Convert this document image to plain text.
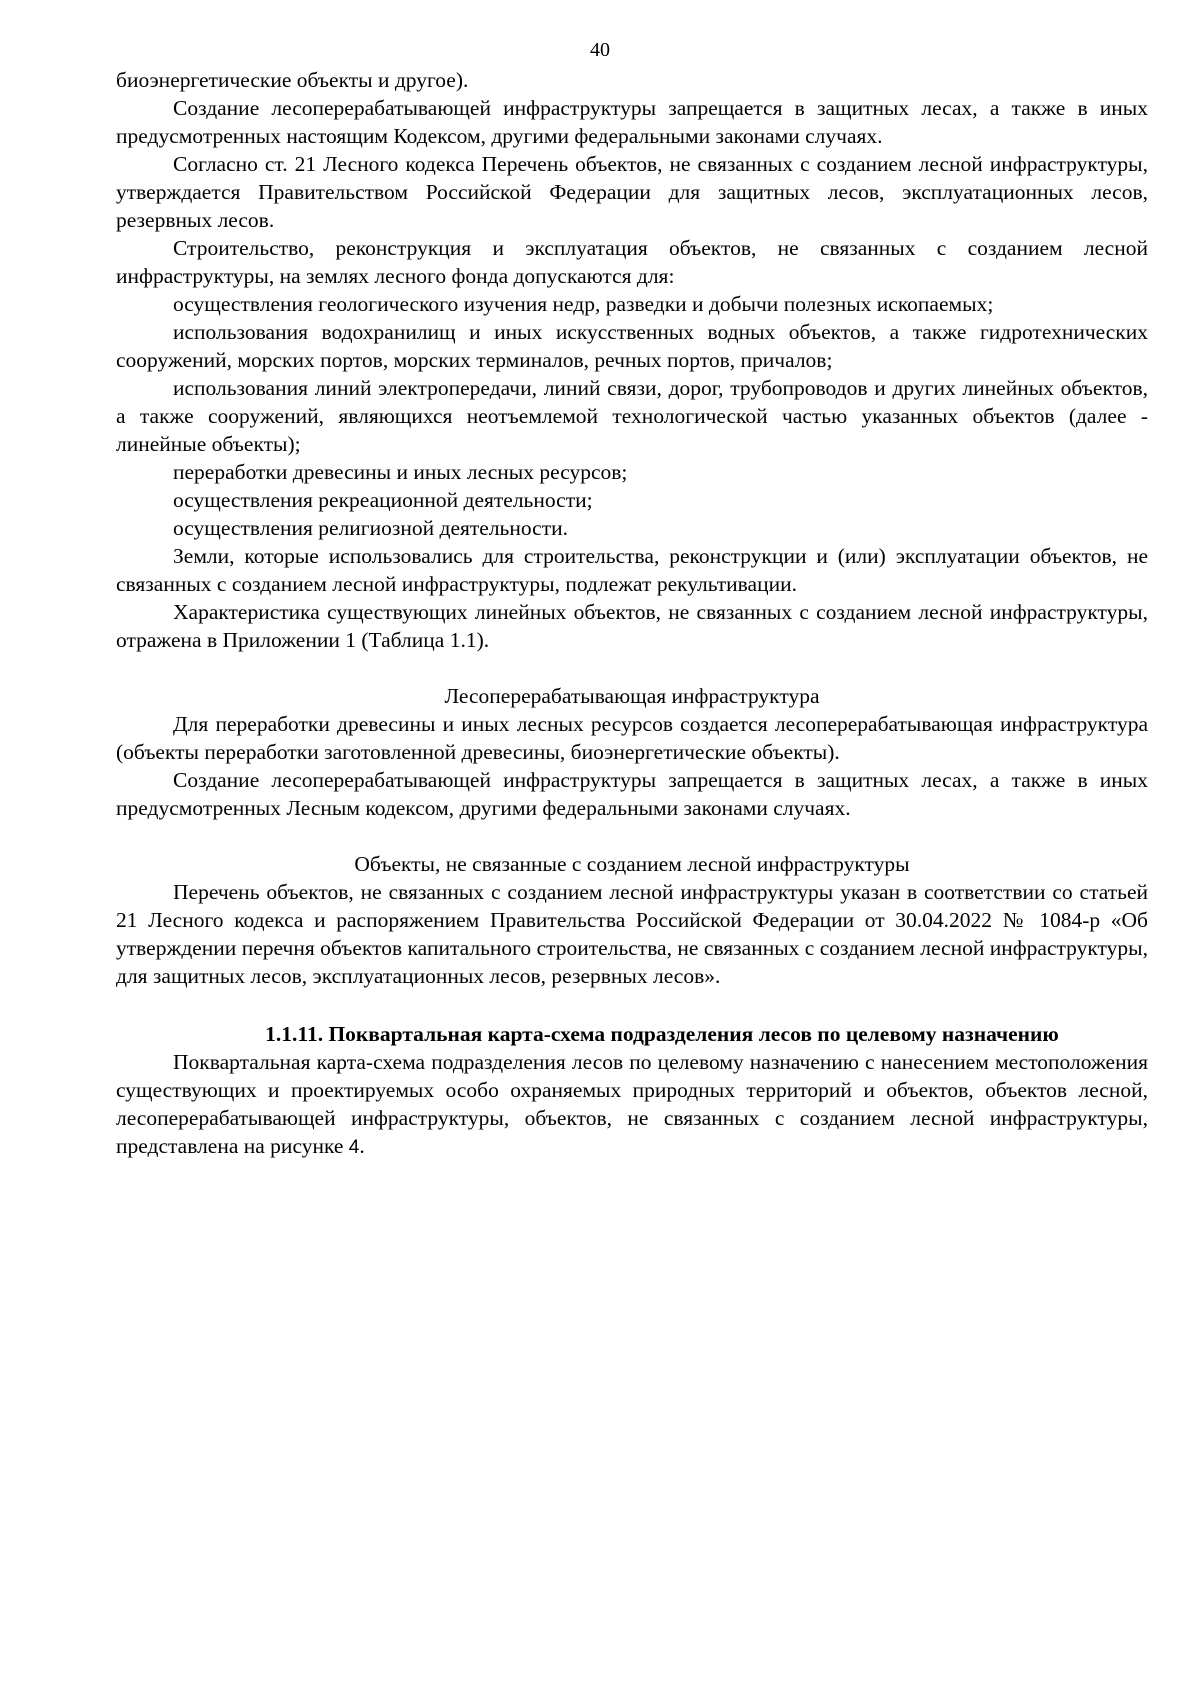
40

биоэнергетические объекты и другое).

Создание лесоперерабатывающей инфраструктуры запрещается в защитных лесах, а также в иных предусмотренных настоящим Кодексом, другими федеральными законами случаях.

Согласно ст. 21 Лесного кодекса Перечень объектов, не связанных с созданием лесной инфраструктуры, утверждается Правительством Российской Федерации для защитных лесов, эксплуатационных лесов, резервных лесов.

Строительство, реконструкция и эксплуатация объектов, не связанных с созданием лесной инфраструктуры, на землях лесного фонда допускаются для:

осуществления геологического изучения недр, разведки и добычи полезных ископаемых;

использования водохранилищ и иных искусственных водных объектов, а также гидротехнических сооружений, морских портов, морских терминалов, речных портов, причалов;

использования линий электропередачи, линий связи, дорог, трубопроводов и других линейных объектов, а также сооружений, являющихся неотъемлемой технологической частью указанных объектов (далее - линейные объекты);

переработки древесины и иных лесных ресурсов;

осуществления рекреационной деятельности;

осуществления религиозной деятельности.

Земли, которые использовались для строительства, реконструкции и (или) эксплуатации объектов, не связанных с созданием лесной инфраструктуры, подлежат рекультивации.

Характеристика существующих линейных объектов, не связанных с созданием лесной инфраструктуры, отражена в Приложении 1 (Таблица 1.1).

Лесоперерабатывающая инфраструктура

Для переработки древесины и иных лесных ресурсов создается лесоперерабатывающая инфраструктура (объекты переработки заготовленной древесины, биоэнергетические объекты).

Создание лесоперерабатывающей инфраструктуры запрещается в защитных лесах, а также в иных предусмотренных Лесным кодексом, другими федеральными законами случаях.

Объекты, не связанные с созданием лесной инфраструктуры

Перечень объектов, не связанных с созданием лесной инфраструктуры указан в соответствии со статьей 21 Лесного кодекса и распоряжением Правительства Российской Федерации от 30.04.2022 № 1084-р «Об утверждении перечня объектов капитального строительства, не связанных с созданием лесной инфраструктуры, для защитных лесов, эксплуатационных лесов, резервных лесов».

1.1.11. Поквартальная карта-схема подразделения лесов по целевому назначению

Поквартальная карта-схема подразделения лесов по целевому назначению с нанесением местоположения существующих и проектируемых особо охраняемых природных территорий и объектов, объектов лесной, лесоперерабатывающей инфраструктуры, объектов, не связанных с созданием лесной инфраструктуры, представлена на рисунке 4.
